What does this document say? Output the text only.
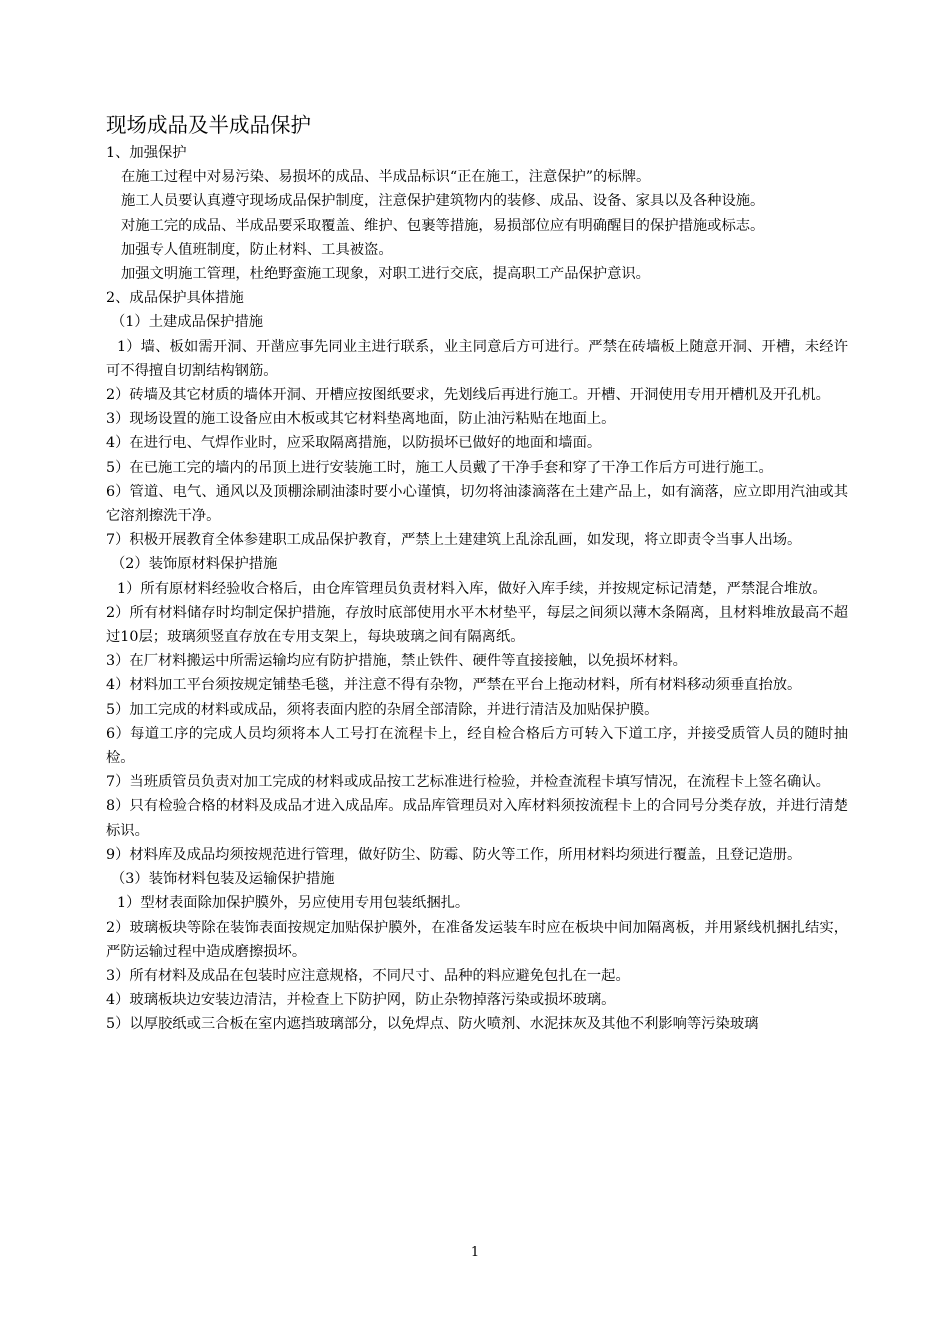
现场成品及半成品保护
1、加强保护
在施工过程中对易污染、易损坏的成品、半成品标识“正在施工，注意保护”的标牌。
施工人员要认真遵守现场成品保护制度，注意保护建筑物内的装修、成品、设备、家具以及各种设施。
对施工完的成品、半成品要采取覆盖、维护、包裹等措施，易损部位应有明确醒目的保护措施或标志。
加强专人值班制度，防止材料、工具被盗。
加强文明施工管理，杜绝野蛮施工现象，对职工进行交底，提高职工产品保护意识。
2、成品保护具体措施
（1）土建成品保护措施
1）墙、板如需开洞、开凿应事先同业主进行联系，业主同意后方可进行。严禁在砖墙板上随意开洞、开槽，未经许可不得擅自切割结构钢筋。
2）砖墙及其它材质的墙体开洞、开槽应按图纸要求，先划线后再进行施工。开槽、开洞使用专用开槽机及开孔机。
3）现场设置的施工设备应由木板或其它材料垫离地面，防止油污粘贴在地面上。
4）在进行电、气焊作业时，应采取隔离措施，以防损坏已做好的地面和墙面。
5）在已施工完的墙内的吊顶上进行安装施工时，施工人员戴了干净手套和穿了干净工作后方可进行施工。
6）管道、电气、通风以及顶棚涂刷油漆时要小心谨慎，切勿将油漆滴落在土建产品上，如有滴落，应立即用汽油或其它溶剂擦洗干净。
7）积极开展教育全体参建职工成品保护教育，严禁上土建建筑上乱涂乱画，如发现，将立即责令当事人出场。
（2）装饰原材料保护措施
1）所有原材料经验收合格后，由仓库管理员负责材料入库，做好入库手续，并按规定标记清楚，严禁混合堆放。
2）所有材料储存时均制定保护措施，存放时底部使用水平木材垫平，每层之间须以薄木条隔离，且材料堆放最高不超过10层；玻璃须竖直存放在专用支架上，每块玻璃之间有隔离纸。
3）在厂材料搬运中所需运输均应有防护措施，禁止铁件、硬件等直接接触，以免损坏材料。
4）材料加工平台须按规定铺垫毛毯，并注意不得有杂物，严禁在平台上拖动材料，所有材料移动须垂直抬放。
5）加工完成的材料或成品，须将表面内腔的杂屑全部清除，并进行清洁及加贴保护膜。
6）每道工序的完成人员均须将本人工号打在流程卡上，经自检合格后方可转入下道工序，并接受质管人员的随时抽检。
7）当班质管员负责对加工完成的材料或成品按工艺标准进行检验，并检查流程卡填写情况，在流程卡上签名确认。
8）只有检验合格的材料及成品才进入成品库。成品库管理员对入库材料须按流程卡上的合同号分类存放，并进行清楚标识。
9）材料库及成品均须按规范进行管理，做好防尘、防霉、防火等工作，所用材料均须进行覆盖，且登记造册。
（3）装饰材料包装及运输保护措施
1）型材表面除加保护膜外，另应使用专用包装纸捆扎。
2）玻璃板块等除在装饰表面按规定加贴保护膜外，在准备发运装车时应在板块中间加隔离板，并用紧线机捆扎结实，严防运输过程中造成磨擦损坏。
3）所有材料及成品在包装时应注意规格，不同尺寸、品种的料应避免包扎在一起。
4）玻璃板块边安装边清洁，并检查上下防护网，防止杂物掉落污染或损坏玻璃。
5）以厚胶纸或三合板在室内遮挡玻璃部分，以免焊点、防火喷剂、水泥抹灰及其他不利影响等污染玻璃
1
